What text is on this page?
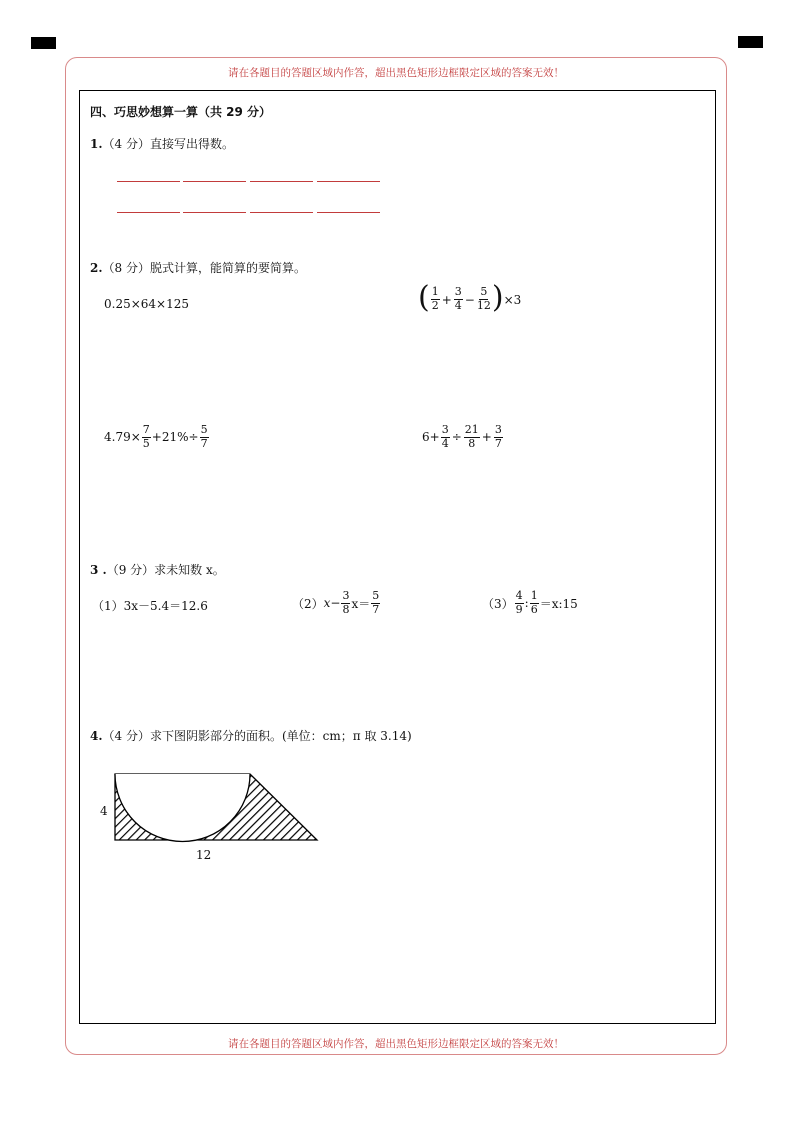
请在各题目的答题区域内作答，超出黑色矩形边框限定区域的答案无效！
请在各题目的答题区域内作答，超出黑色矩形边框限定区域的答案无效！
四、巧思妙想算一算（共 29 分）
1.（4 分）直接写出得数。
2.（8 分）脱式计算，能简算的要简算。
0.25×64×125	( $\frac{1}{2} + \frac{3}{4} - \frac{5}{12}$ ) ×3
$4.79\times \frac{7}{5} +21\%\div \frac{5}{7}$	$6+ \frac{3}{4} \div \frac{21}{8} + \frac{3}{7}$
3 .（9 分）求未知数 x。
（1）3x－5.4＝12.6	（2） $x- \frac{3}{8} x= \frac{5}{7}$	$(3) \frac{4}{9}$ : $\frac{1}{6}$ ＝x:15
4.（4 分）求下图阴影部分的面积。(单位：cm；π 取 3.14)
4
12
